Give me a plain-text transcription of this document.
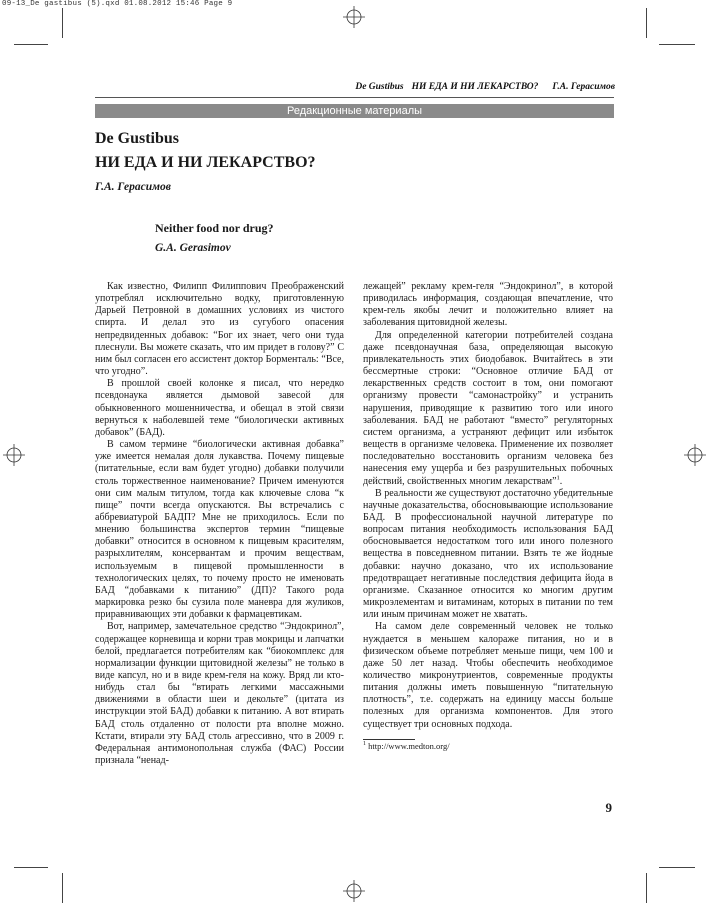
09-13_De gastibus (5).qxd 01.08.2012 15:46 Page 9
De Gustibus НИ ЕДА И НИ ЛЕКАРСТВО? Г.А. Герасимов
Редакционные материалы
De Gustibus
НИ ЕДА И НИ ЛЕКАРСТВО?
Г.А. Герасимов
Neither food nor drug?
G.A. Gerasimov

Как известно, Филипп Филиппович Преображенский употреблял исключительно водку, приготовленную Дарьей Петровной в домашних условиях из чистого спирта. И делал это из сугубого опасения непредвиденных добавок: “Бог их знает, чего они туда плеснули. Вы можете сказать, что им придет в голову?” С ним был согласен его ассистент доктор Борменталь: “Все, что угодно”.

В прошлой своей колонке я писал, что нередко псевдонаука является дымовой завесой для обыкновенного мошенничества, и обещал в этой связи вернуться к наболевшей теме “биологически активных добавок” (БАД).

В самом термине “биологически активная добавка” уже имеется немалая доля лукавства. Почему пищевые (питательные, если вам будет угодно) добавки получили столь торжественное наименование? Причем именуются они сим малым титулом, тогда как ключевые слова “к пище” почти всегда опускаются. Вы встречались с аббревиатурой БАДП? Мне не приходилось. Если по мнению большинства экспертов термин “пищевые добавки” относится в основном к пищевым красителям, разрыхлителям, консервантам и прочим веществам, используемым в пищевой промышленности в технологических целях, то почему просто не именовать БАД “добавками к питанию” (ДП)? Такого рода маркировка резко бы сузила поле маневра для жуликов, приравнивающих эти добавки к фармацевтикам.

Вот, например, замечательное средство “Эндокринол”, содержащее корневища и корни трав мокрицы и лапчатки белой, предлагается потребителям как “биокомплекс для нормализации функции щитовидной железы” не только в виде капсул, но и в виде крем-геля на кожу. Вряд ли кто-нибудь стал бы “втирать легкими массажными движениями в области шеи и декольте” (цитата из инструкции этой БАД) добавки к питанию. А вот втирать БАД столь отдаленно от полости рта вполне можно. Кстати, втирали эту БАД столь агрессивно, что в 2009 г. Федеральная антимонопольная служба (ФАС) России признала “ненад-

лежащей” рекламу крем-геля “Эндокринол”, в которой приводилась информация, создающая впечатление, что крем-гель якобы лечит и положительно влияет на заболевания щитовидной железы.

Для определенной категории потребителей создана даже псевдонаучная база, определяющая высокую привлекательность этих биодобавок. Вчитайтесь в эти бессмертные строки: “Основное отличие БАД от лекарственных средств состоит в том, они помогают организму провести “самонастройку” и устранить нарушения, приводящие к развитию того или иного заболевания. БАД не работают “вместо” регуляторных систем организма, а устраняют дефицит или избыток веществ в организме человека. Применение их позволяет последовательно восстановить организм человека без нанесения ему ущерба и без разрушительных побочных действий, свойственных многим лекарствам”$^1$.

В реальности же существуют достаточно убедительные научные доказательства, обосновывающие использование БАД. В профессиональной научной литературе по вопросам питания необходимость использования БАД обосновывается недостатком того или иного полезного вещества в повседневном питании. Взять те же йодные добавки: научно доказано, что их использование предотвращает негативные последствия дефицита йода в организме. Сказанное относится ко многим другим микроэлементам и витаминам, которых в питании по тем или иным причинам может не хватать.

На самом деле современный человек не только нуждается в меньшем калораже питания, но и в физическом объеме потребляет меньше пищи, чем 100 и даже 50 лет назад. Чтобы обеспечить необходимое количество микронутриентов, современные продукты питания должны иметь повышенную “питательную плотность”, т.е. содержать на единицу массы больше полезных для организма компонентов. Для этого существует три основных подхода.

$^1$ http://www.medton.org/

9
